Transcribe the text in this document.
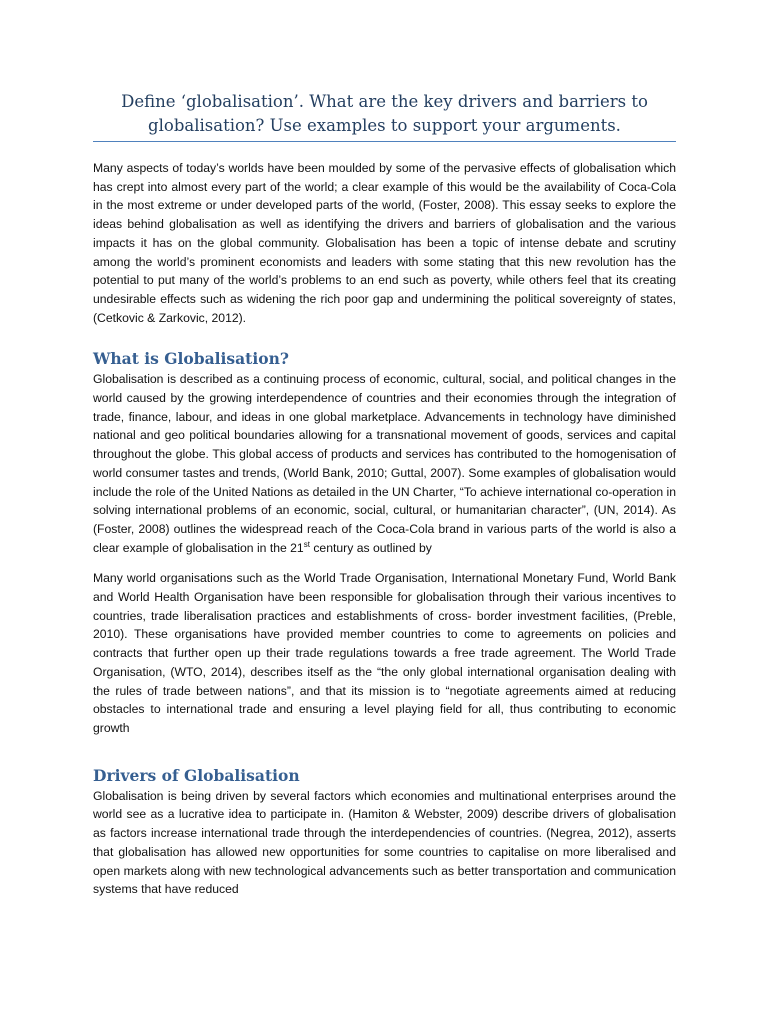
Define ‘globalisation’. What are the key drivers and barriers to globalisation? Use examples to support your arguments.

Many aspects of today’s worlds have been moulded by some of the pervasive effects of globalisation which has crept into almost every part of the world; a clear example of this would be the availability of Coca-Cola in the most extreme or under developed parts of the world, (Foster, 2008). This essay seeks to explore the ideas behind globalisation as well as identifying the drivers and barriers of globalisation and the various impacts it has on the global community. Globalisation has been a topic of intense debate and scrutiny among the world’s prominent economists and leaders with some stating that this new revolution has the potential to put many of the world’s problems to an end such as poverty, while others feel that its creating undesirable effects such as widening the rich poor gap and undermining the political sovereignty of states, (Cetkovic & Zarkovic, 2012).

What is Globalisation?

Globalisation is described as a continuing process of economic, cultural, social, and political changes in the world caused by the growing interdependence of countries and their economies through the integration of trade, finance, labour, and ideas in one global marketplace. Advancements in technology have diminished national and geo political boundaries allowing for a transnational movement of goods, services and capital throughout the globe. This global access of products and services has contributed to the homogenisation of world consumer tastes and trends, (World Bank, 2010; Guttal, 2007). Some examples of globalisation would include the role of the United Nations as detailed in the UN Charter, “To achieve international co-operation in solving international problems of an economic, social, cultural, or humanitarian character”, (UN, 2014). As (Foster, 2008) outlines the widespread reach of the Coca-Cola brand in various parts of the world is also a clear example of globalisation in the 21st century as outlined by

Many world organisations such as the World Trade Organisation, International Monetary Fund, World Bank and World Health Organisation have been responsible for globalisation through their various incentives to countries, trade liberalisation practices and establishments of cross- border investment facilities, (Preble, 2010). These organisations have provided member countries to come to agreements on policies and contracts that further open up their trade regulations towards a free trade agreement. The World Trade Organisation, (WTO, 2014), describes itself as the “the only global international organisation dealing with the rules of trade between nations”, and that its mission is to “negotiate agreements aimed at reducing obstacles to international trade and ensuring a level playing field for all, thus contributing to economic growth

Drivers of Globalisation

Globalisation is being driven by several factors which economies and multinational enterprises around the world see as a lucrative idea to participate in. (Hamiton & Webster, 2009) describe drivers of globalisation as factors increase international trade through the interdependencies of countries. (Negrea, 2012), asserts that globalisation has allowed new opportunities for some countries to capitalise on more liberalised and open markets along with new technological advancements such as better transportation and communication systems that have reduced
